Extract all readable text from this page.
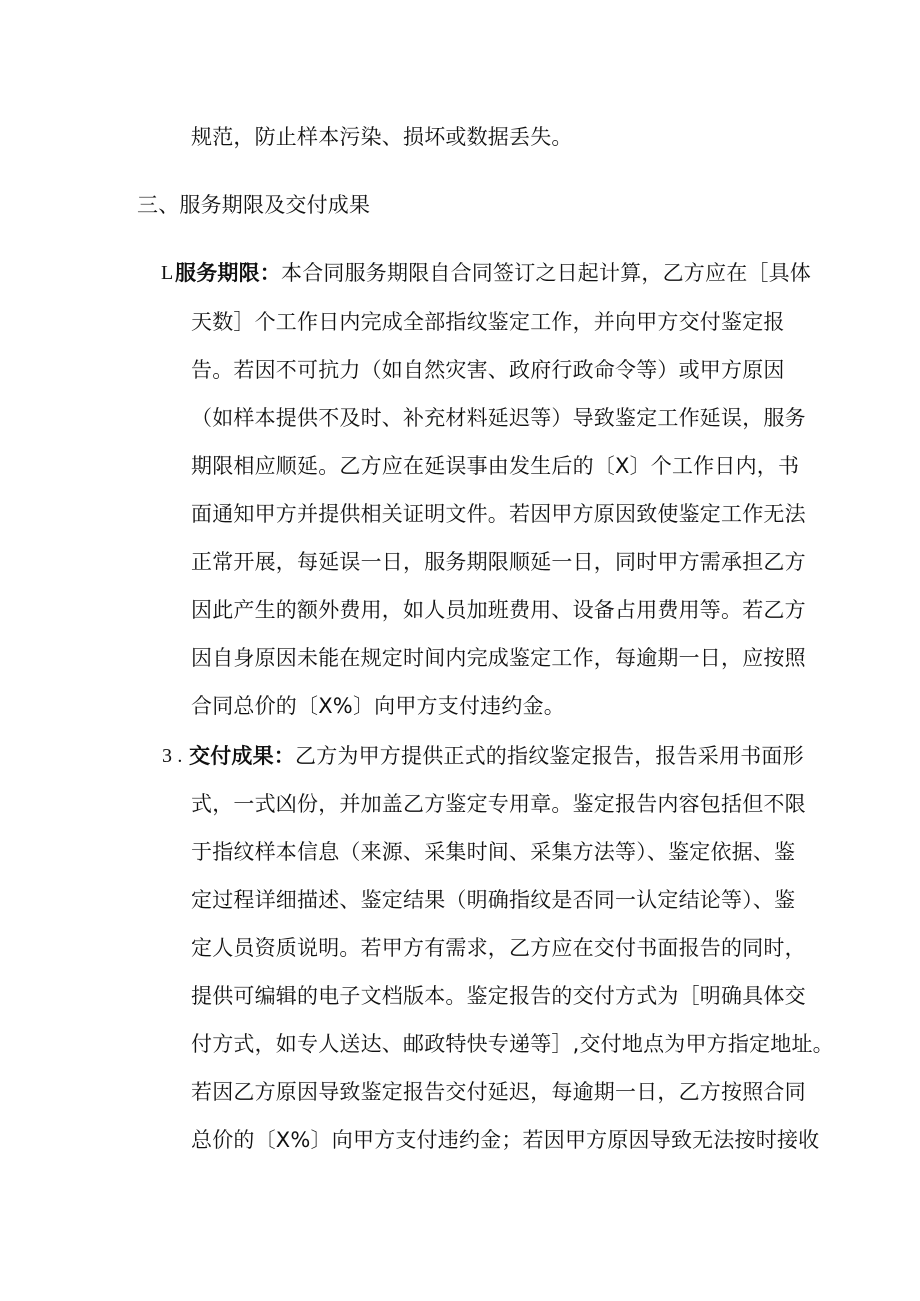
规范，防止样本污染、损坏或数据丢失。
三、服务期限及交付成果
L 服务期限：本合同服务期限自合同签订之日起计算，乙方应在［具体
天数］个工作日内完成全部指纹鉴定工作，并向甲方交付鉴定报
告。若因不可抗力（如自然灾害、政府行政命令等）或甲方原因
（如样本提供不及时、补充材料延迟等）导致鉴定工作延误，服务
期限相应顺延。乙方应在延误事由发生后的〔X〕个工作日内，书
面通知甲方并提供相关证明文件。若因甲方原因致使鉴定工作无法
正常开展，每延误一日，服务期限顺延一日，同时甲方需承担乙方
因此产生的额外费用，如人员加班费用、设备占用费用等。若乙方
因自身原因未能在规定时间内完成鉴定工作，每逾期一日，应按照
合同总价的〔X%〕向甲方支付违约金。
3 . 交付成果：乙方为甲方提供正式的指纹鉴定报告，报告采用书面形
式，一式凶份，并加盖乙方鉴定专用章。鉴定报告内容包括但不限
于指纹样本信息（来源、采集时间、采集方法等）、鉴定依据、鉴
定过程详细描述、鉴定结果（明确指纹是否同一认定结论等）、鉴
定人员资质说明。若甲方有需求，乙方应在交付书面报告的同时，
提供可编辑的电子文档版本。鉴定报告的交付方式为［明确具体交
付方式，如专人送达、邮政特快专递等］,交付地点为甲方指定地址。
若因乙方原因导致鉴定报告交付延迟，每逾期一日，乙方按照合同
总价的〔X%〕向甲方支付违约金；若因甲方原因导致无法按时接收
